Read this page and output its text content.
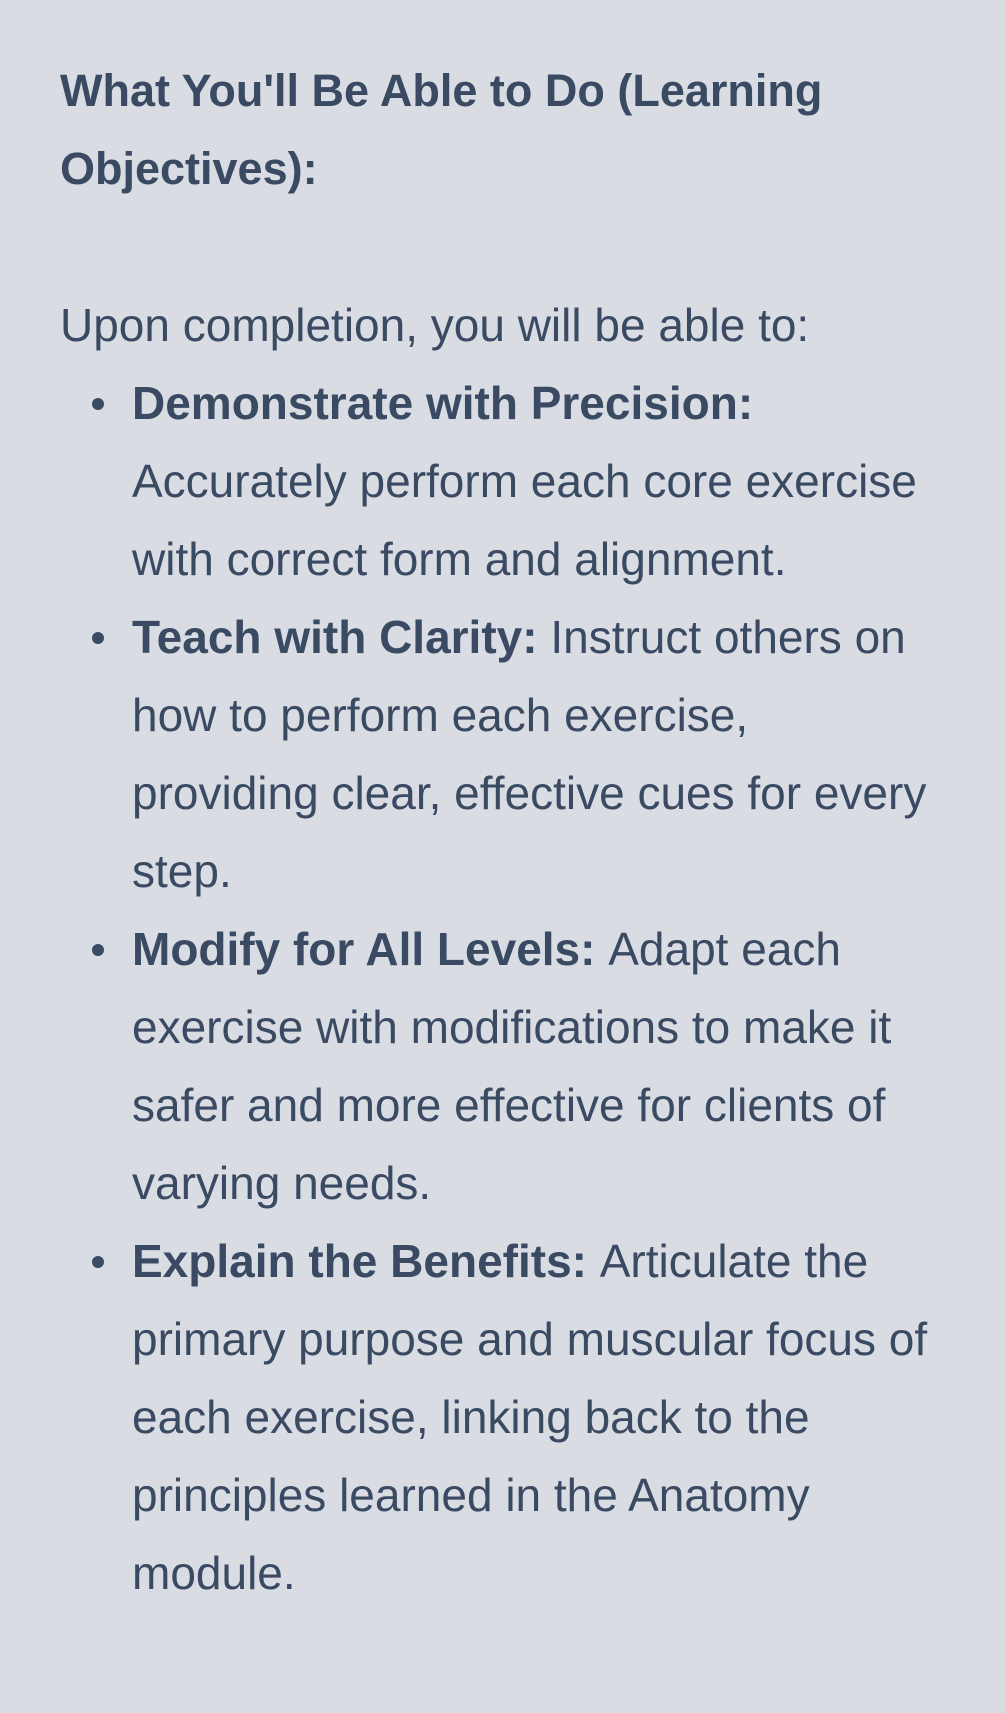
What You'll Be Able to Do (Learning Objectives):

Upon completion, you will be able to:

Demonstrate with Precision: Accurately perform each core exercise with correct form and alignment.
Teach with Clarity: Instruct others on how to perform each exercise, providing clear, effective cues for every step.
Modify for All Levels: Adapt each exercise with modifications to make it safer and more effective for clients of varying needs.
Explain the Benefits: Articulate the primary purpose and muscular focus of each exercise, linking back to the principles learned in the Anatomy module.
